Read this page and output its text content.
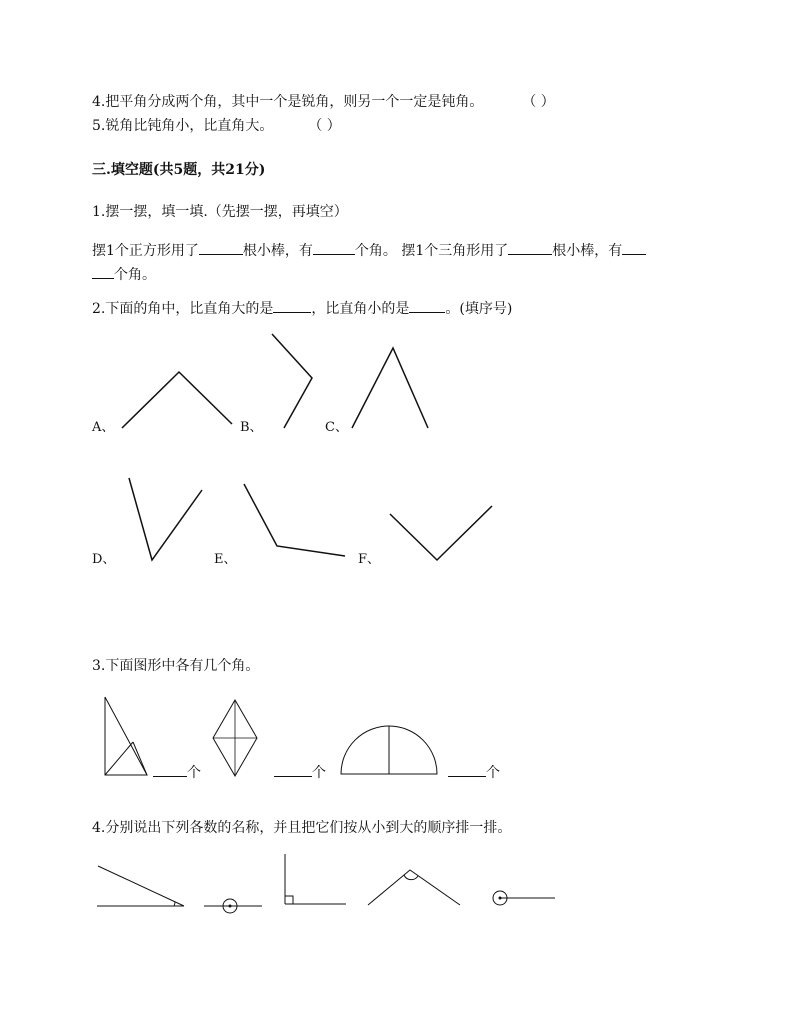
4.把平角分成两个角，其中一个是锐角，则另一个一定是钝角。	（ ）
5.锐角比钝角小，比直角大。 （ ）
三.填空题(共5题，共21分)
1.摆一摆，填一填.（先摆一摆，再填空）
摆1个正方形用了	根小棒，有	个角。 摆1个三角形用了	根小棒，有
个角。
2.下面的角中，比直角大的是	，比直角小的是	。(填序号)
A、	B、	C、
D、	E、	F、
3.下面图形中各有几个角。
个	个	个
4.分别说出下列各数的名称，并且把它们按从小到大的顺序排一排。
